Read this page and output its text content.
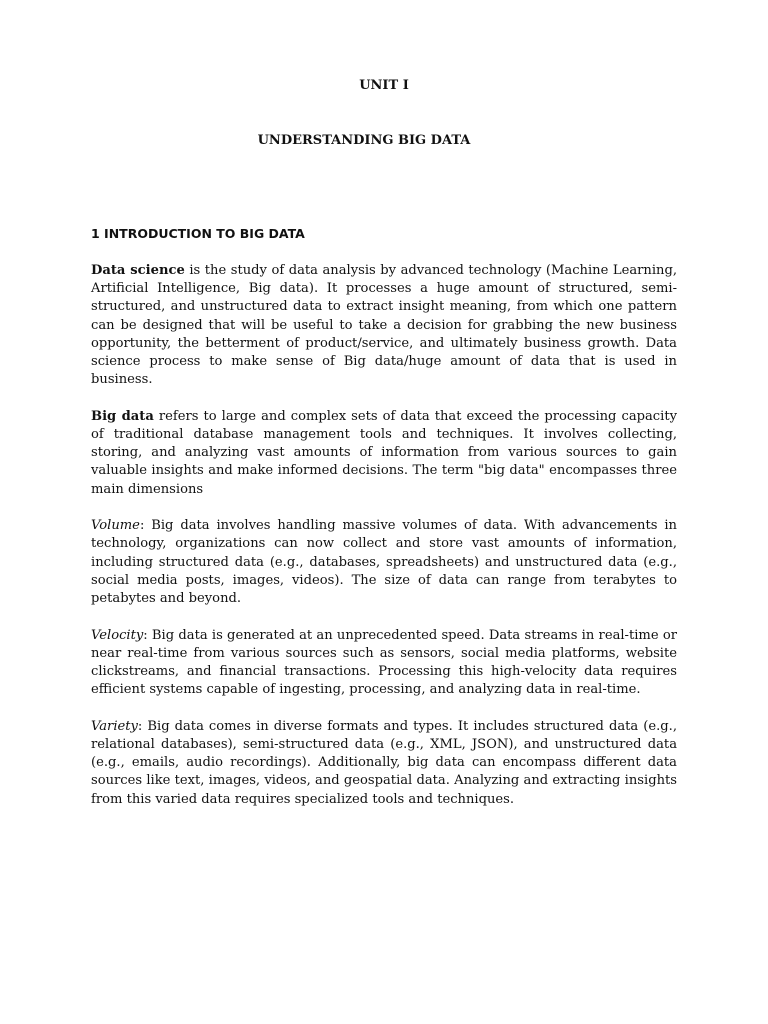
UNIT I
UNDERSTANDING BIG DATA
1 INTRODUCTION TO BIG DATA

Data science is the study of data analysis by advanced technology (Machine Learning, Artificial Intelligence, Big data). It processes a huge amount of structured, semi-structured, and unstructured data to extract insight meaning, from which one pattern can be designed that will be useful to take a decision for grabbing the new business opportunity, the betterment of product/service, and ultimately business growth. Data science process to make sense of Big data/huge amount of data that is used in business.

Big data refers to large and complex sets of data that exceed the processing capacity of traditional database management tools and techniques. It involves collecting, storing, and analyzing vast amounts of information from various sources to gain valuable insights and make informed decisions. The term "big data" encompasses three main dimensions

Volume: Big data involves handling massive volumes of data. With advancements in technology, organizations can now collect and store vast amounts of information, including structured data (e.g., databases, spreadsheets) and unstructured data (e.g., social media posts, images, videos). The size of data can range from terabytes to petabytes and beyond.

Velocity: Big data is generated at an unprecedented speed. Data streams in real-time or near real-time from various sources such as sensors, social media platforms, website clickstreams, and financial transactions. Processing this high-velocity data requires efficient systems capable of ingesting, processing, and analyzing data in real-time.

Variety: Big data comes in diverse formats and types. It includes structured data (e.g., relational databases), semi-structured data (e.g., XML, JSON), and unstructured data (e.g., emails, audio recordings). Additionally, big data can encompass different data sources like text, images, videos, and geospatial data. Analyzing and extracting insights from this varied data requires specialized tools and techniques.
